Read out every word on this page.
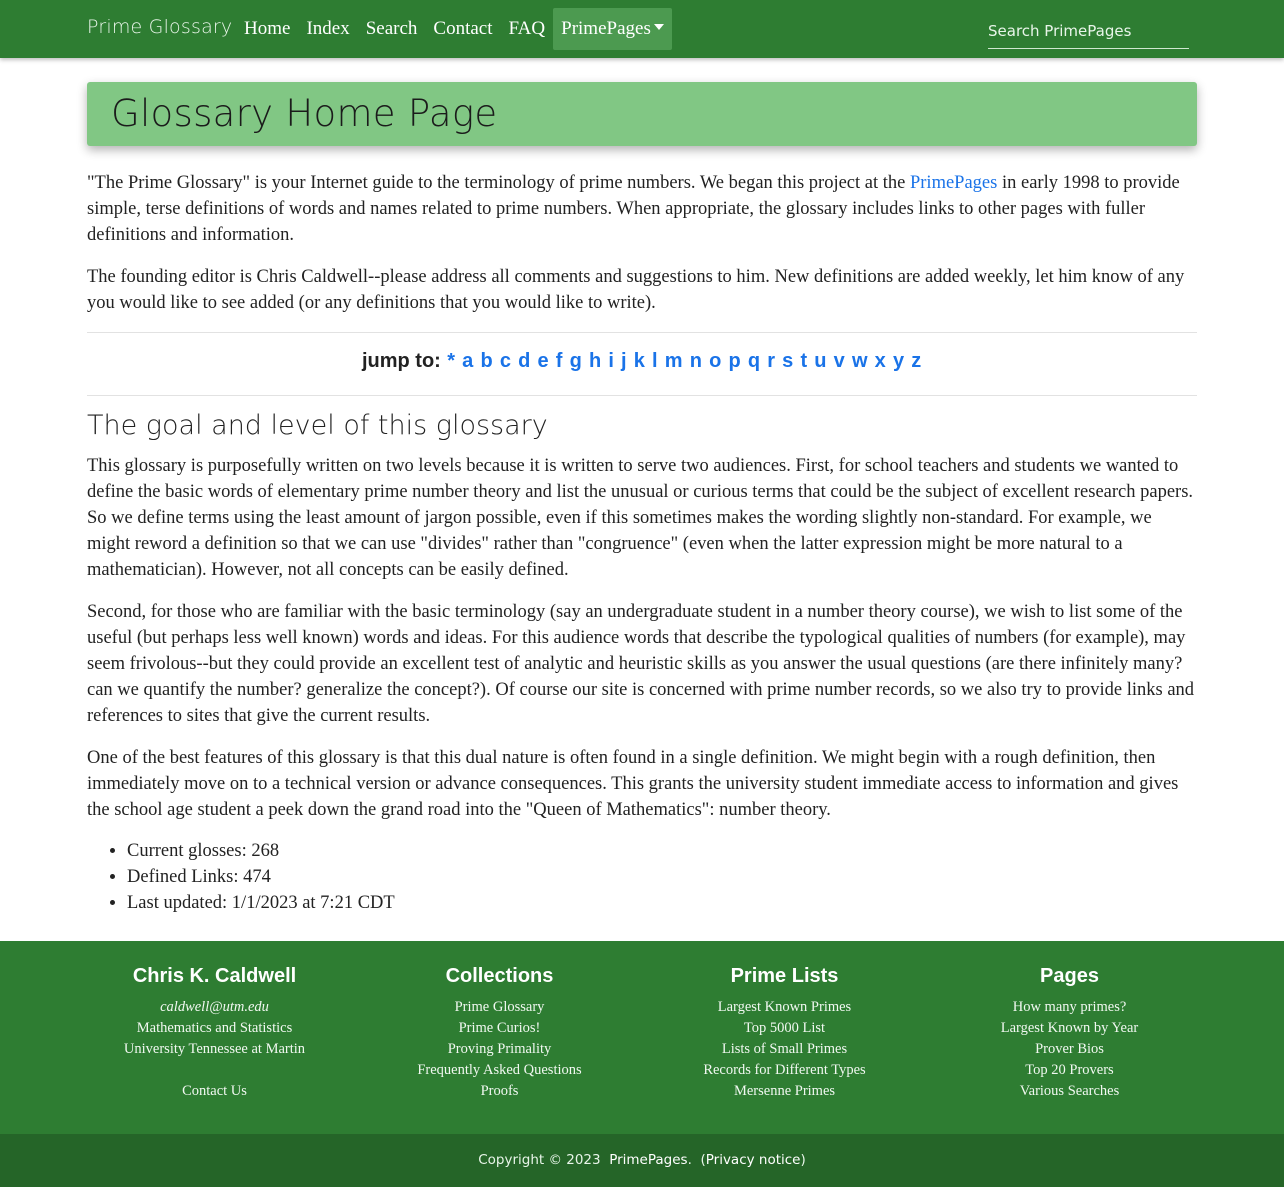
Prime Glossary Home Index Search Contact FAQ PrimePages
Search PrimePages
Glossary Home Page

"The Prime Glossary" is your Internet guide to the terminology of prime numbers. We began this project at the PrimePages in early 1998 to provide simple, terse definitions of words and names related to prime numbers. When appropriate, the glossary includes links to other pages with fuller definitions and information.

The founding editor is Chris Caldwell--please address all comments and suggestions to him. New definitions are added weekly, let him know of any you would like to see added (or any definitions that you would like to write).

jump to: * a b c d e f g h i j k l m n o p q r s t u v w x y z
The goal and level of this glossary

This glossary is purposefully written on two levels because it is written to serve two audiences. First, for school teachers and students we wanted to define the basic words of elementary prime number theory and list the unusual or curious terms that could be the subject of excellent research papers. So we define terms using the least amount of jargon possible, even if this sometimes makes the wording slightly non-standard. For example, we might reword a definition so that we can use "divides" rather than "congruence" (even when the latter expression might be more natural to a mathematician). However, not all concepts can be easily defined.

Second, for those who are familiar with the basic terminology (say an undergraduate student in a number theory course), we wish to list some of the useful (but perhaps less well known) words and ideas. For this audience words that describe the typological qualities of numbers (for example), may seem frivolous--but they could provide an excellent test of analytic and heuristic skills as you answer the usual questions (are there infinitely many? can we quantify the number? generalize the concept?). Of course our site is concerned with prime number records, so we also try to provide links and references to sites that give the current results.

One of the best features of this glossary is that this dual nature is often found in a single definition. We might begin with a rough definition, then immediately move on to a technical version or advance consequences. This grants the university student immediate access to information and gives the school age student a peek down the grand road into the "Queen of Mathematics": number theory.

• Current glosses: 268
• Defined Links: 474
• Last updated: 1/1/2023 at 7:21 CDT
Chris K. Caldwell
caldwell@utm.edu
Mathematics and Statistics
University Tennessee at Martin
Contact Us
Collections
Prime Glossary
Prime Curios!
Proving Primality
Frequently Asked Questions
Proofs
Prime Lists
Largest Known Primes
Top 5000 List
Lists of Small Primes
Records for Different Types
Mersenne Primes
Pages
How many primes?
Largest Known by Year
Prover Bios
Top 20 Provers
Various Searches
Copyright © 2023 PrimePages.  (Privacy notice)
